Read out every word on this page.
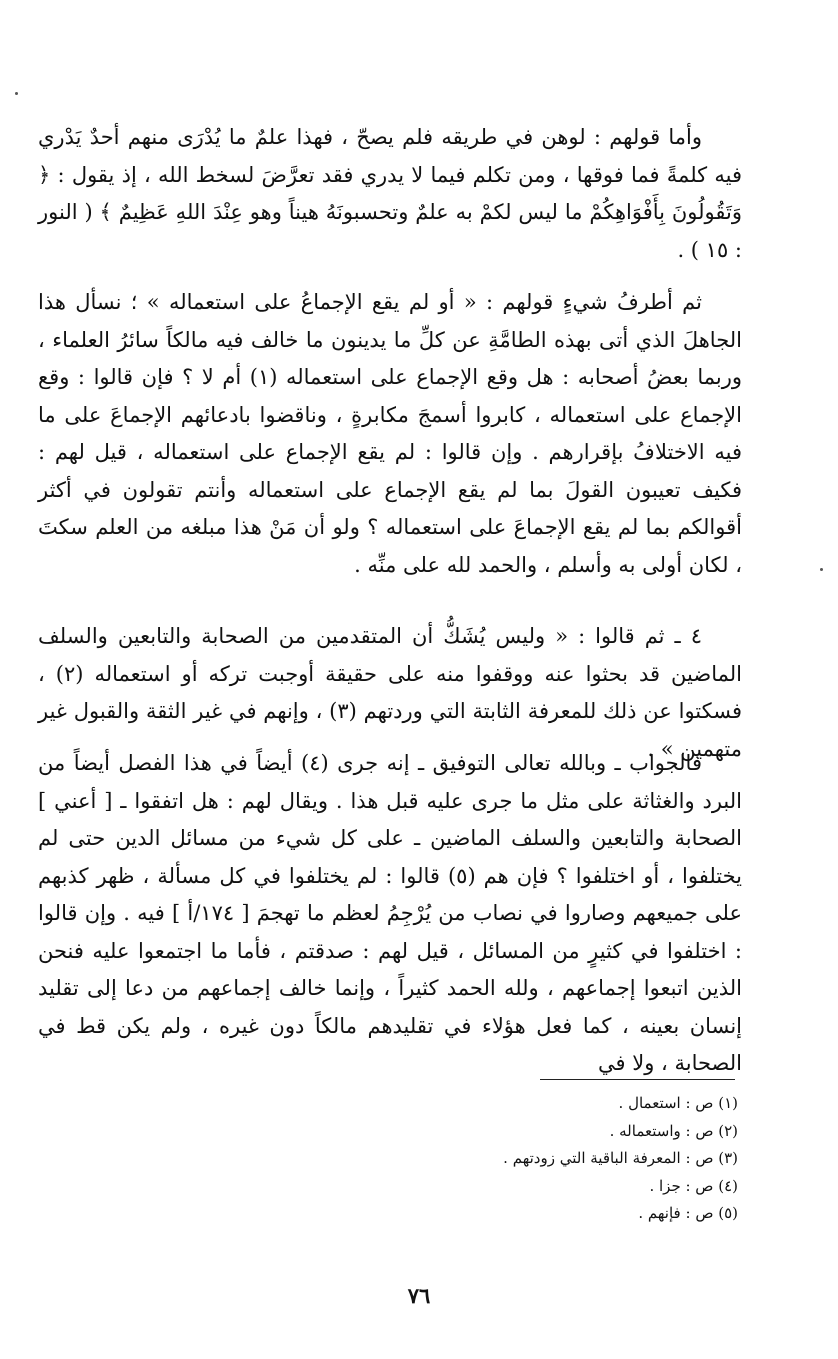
وأما قولهم : لوهن في طريقه فلم يصحّ ، فهذا علمٌ ما يُدْرَى منهم أحدٌ يَدْري فيه كلمةً فما فوقها ، ومن تكلم فيما لا يدري فقد تعرَّضَ لسخط الله ، إذ يقول : ﴿ وَتَقُولُونَ بِأَفْوَاهِكُمْ ما ليس لكمْ به علمٌ وتحسبونَهُ هيناً وهو عِنْدَ اللهِ عَظِيمٌ ﴾ ( النور : ١٥ ) .

ثم أطرفُ شيءٍ قولهم : « أو لم يقع الإجماعُ على استعماله » ؛ نسأل هذا الجاهلَ الذي أتى بهذه الطامَّةِ عن كلِّ ما يدينون ما خالف فيه مالكاً سائرُ العلماء ، وربما بعضُ أصحابه : هل وقع الإجماع على استعماله (١) أم لا ؟ فإن قالوا : وقع الإجماع على استعماله ، كابروا أسمجَ مكابرةٍ ، وناقضوا بادعائهم الإجماعَ على ما فيه الاختلافُ بإقرارهم . وإن قالوا : لم يقع الإجماع على استعماله ، قيل لهم : فكيف تعيبون القولَ بما لم يقع الإجماع على استعماله وأنتم تقولون في أكثر أقوالكم بما لم يقع الإجماعَ على استعماله ؟ ولو أن مَنْ هذا مبلغه من العلم سكتَ ، لكان أولى به وأسلم ، والحمد لله على منِّه .

٤ ـ ثم قالوا : « وليس يُشَكُّ أن المتقدمين من الصحابة والتابعين والسلف الماضين قد بحثوا عنه ووقفوا منه على حقيقة أوجبت تركه أو استعماله (٢) ، فسكتوا عن ذلك للمعرفة الثابتة التي وردتهم (٣) ، وإنهم في غير الثقة والقبول غير متهمين » .

فالجواب ـ وبالله تعالى التوفيق ـ إنه جرى (٤) أيضاً في هذا الفصل أيضاً من البرد والغثاثة على مثل ما جرى عليه قبل هذا . ويقال لهم : هل اتفقوا ـ [ أعني ] الصحابة والتابعين والسلف الماضين ـ على كل شيء من مسائل الدين حتى لم يختلفوا ، أو اختلفوا ؟ فإن هم (٥) قالوا : لم يختلفوا في كل مسألة ، ظهر كذبهم على جميعهم وصاروا في نصاب من يُرْجِمُ لعظم ما تهجمَ [ ١٧٤/أ ] فيه . وإن قالوا : اختلفوا في كثيرٍ من المسائل ، قيل لهم : صدقتم ، فأما ما اجتمعوا عليه فنحن الذين اتبعوا إجماعهم ، ولله الحمد كثيراً ، وإنما خالف إجماعهم من دعا إلى تقليد إنسان بعينه ، كما فعل هؤلاء في تقليدهم مالكاً دون غيره ، ولم يكن قط في الصحابة ، ولا في

(١) ص : استعمال .
(٢) ص : واستعماله .
(٣) ص : المعرفة الباقية التي زودتهم .
(٤) ص : جزا .
(٥) ص : فإنهم .
٧٦
